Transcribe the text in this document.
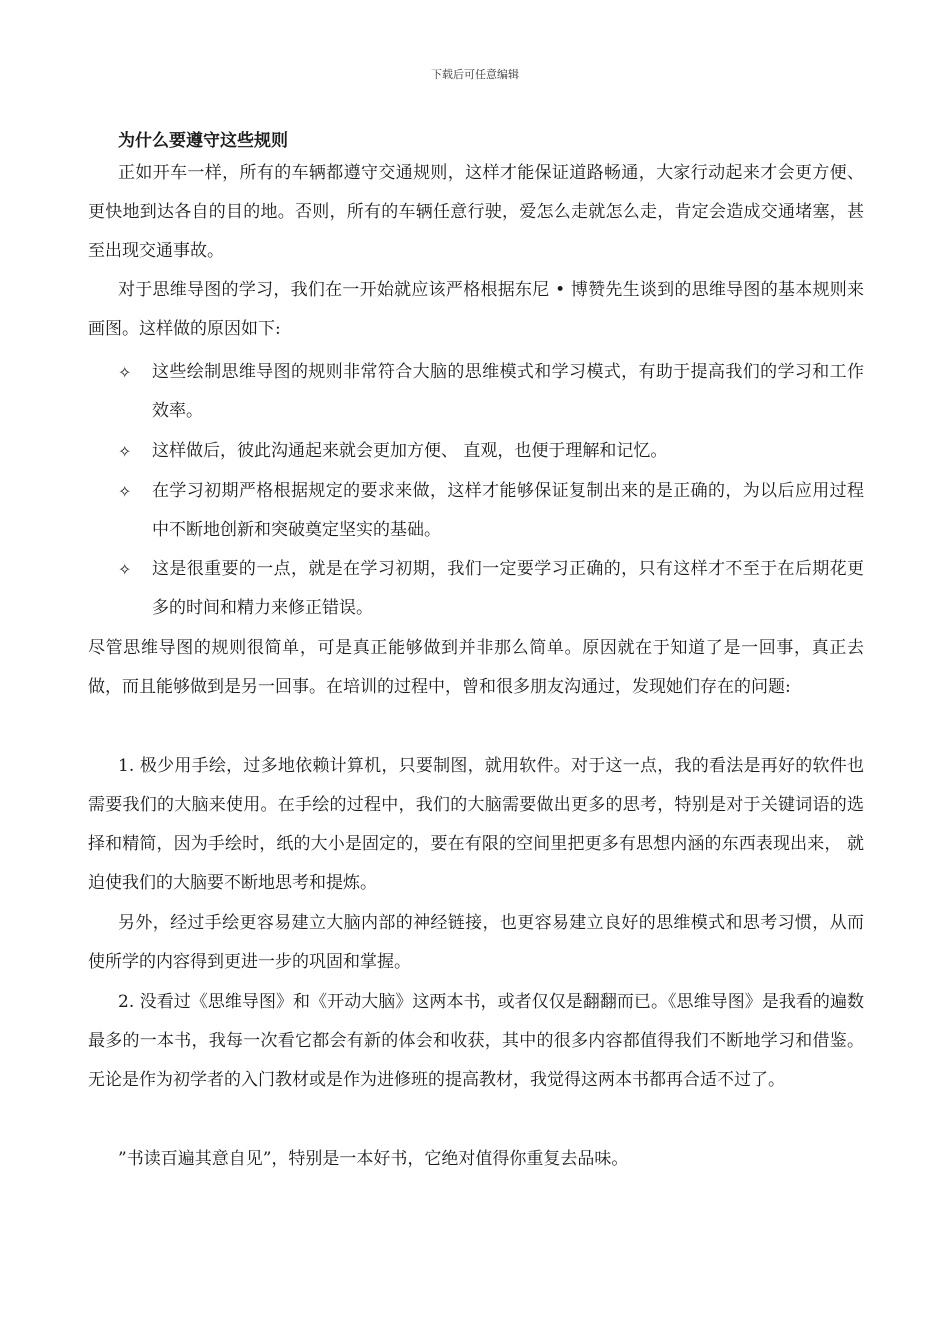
下载后可任意编辑
为什么要遵守这些规则
正如开车一样，所有的车辆都遵守交通规则，这样才能保证道路畅通，大家行动起来才会更方便、 更快地到达各自的目的地。否则，所有的车辆任意行驶，爱怎么走就怎么走，肯定会造成交通堵塞，甚至出现交通事故。
对于思维导图的学习，我们在一开始就应该严格根据东尼 • 博赞先生谈到的思维导图的基本规则来画图。这样做的原因如下:
✧	这些绘制思维导图的规则非常符合大脑的思维模式和学习模式，有助于提高我们的学习和工作效率。
✧	这样做后，彼此沟通起来就会更加方便、 直观，也便于理解和记忆。
✧	在学习初期严格根据规定的要求来做，这样才能够保证复制出来的是正确的，为以后应用过程中不断地创新和突破奠定坚实的基础。
✧	这是很重要的一点，就是在学习初期，我们一定要学习正确的，只有这样才不至于在后期花更多的时间和精力来修正错误。
尽管思维导图的规则很简单，可是真正能够做到并非那么简单。原因就在于知道了是一回事，真正去做，而且能够做到是另一回事。在培训的过程中，曾和很多朋友沟通过，发现她们存在的问题:
1. 极少用手绘，过多地依赖计算机，只要制图，就用软件。对于这一点，我的看法是再好的软件也需要我们的大脑来使用。在手绘的过程中，我们的大脑需要做出更多的思考，特别是对于关键词语的选择和精简，因为手绘时，纸的大小是固定的，要在有限的空间里把更多有思想内涵的东西表现出来， 就迫使我们的大脑要不断地思考和提炼。
另外，经过手绘更容易建立大脑内部的神经链接，也更容易建立良好的思维模式和思考习惯，从而使所学的内容得到更进一步的巩固和掌握。
2. 没看过《思维导图》和《开动大脑》这两本书，或者仅仅是翻翻而已。《思维导图》是我看的遍数最多的一本书，我每一次看它都会有新的体会和收获，其中的很多内容都值得我们不断地学习和借鉴。无论是作为初学者的入门教材或是作为进修班的提高教材，我觉得这两本书都再合适不过了。
”书读百遍其意自见”，特别是一本好书，它绝对值得你重复去品味。
